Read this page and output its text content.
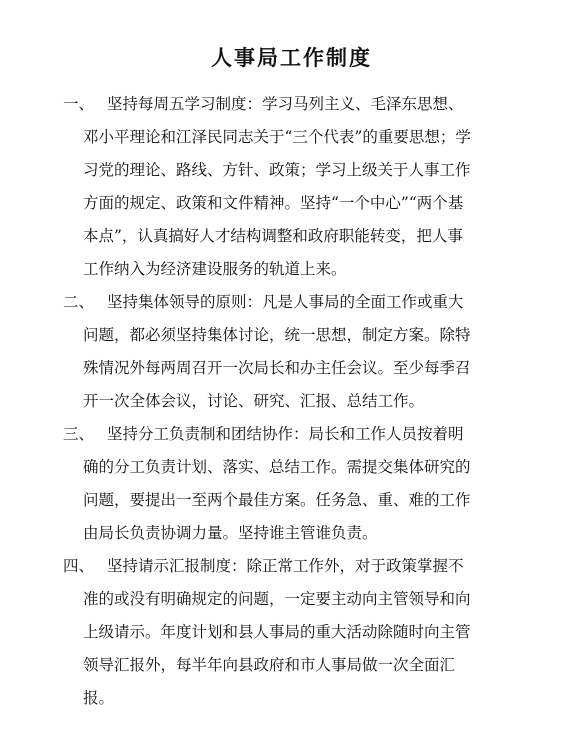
人事局工作制度
一、 坚持每周五学习制度：学习马列主义、毛泽东思想、
邓小平理论和江泽民同志关于“三个代表”的重要思想；学
习党的理论、路线、方针、政策；学习上级关于人事工作
方面的规定、政策和文件精神。坚持“一个中心”“两个基
本点”，认真搞好人才结构调整和政府职能转变，把人事
工作纳入为经济建设服务的轨道上来。
二、 坚持集体领导的原则：凡是人事局的全面工作或重大
问题，都必须坚持集体讨论，统一思想，制定方案。除特
殊情况外每两周召开一次局长和办主任会议。至少每季召
开一次全体会议，讨论、研究、汇报、总结工作。
三、 坚持分工负责制和团结协作：局长和工作人员按着明
确的分工负责计划、落实、总结工作。需提交集体研究的
问题，要提出一至两个最佳方案。任务急、重、难的工作
由局长负责协调力量。坚持谁主管谁负责。
四、 坚持请示汇报制度：除正常工作外，对于政策掌握不
准的或没有明确规定的问题，一定要主动向主管领导和向
上级请示。年度计划和县人事局的重大活动除随时向主管
领导汇报外，每半年向县政府和市人事局做一次全面汇
报。
